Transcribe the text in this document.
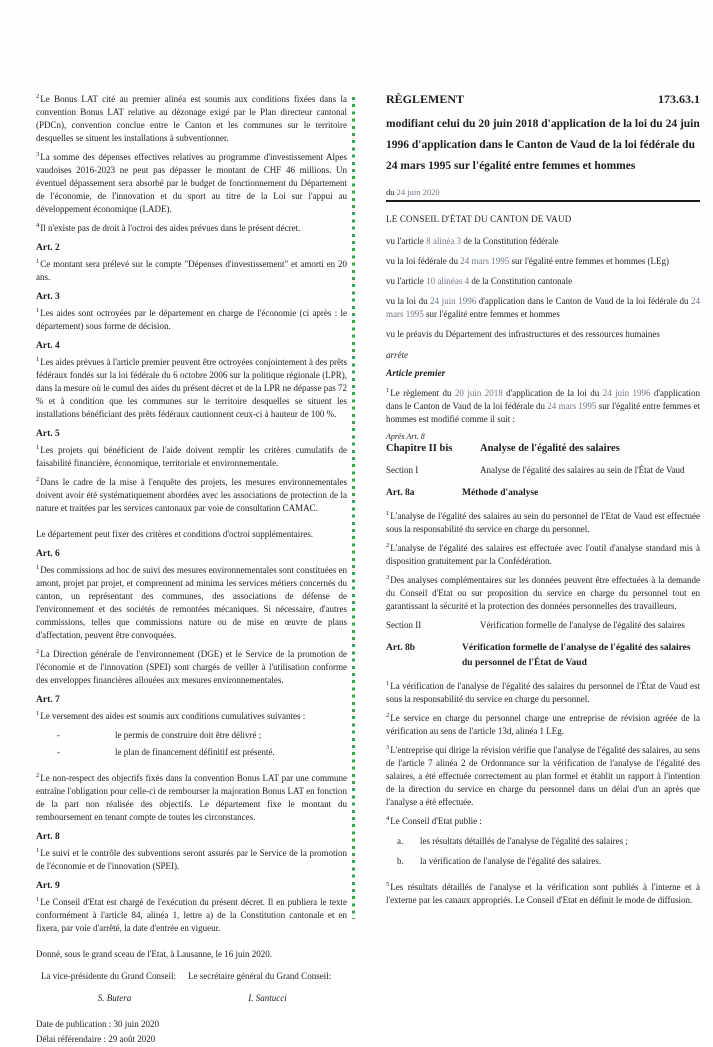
$^2$Le Bonus LAT cité au premier alinéa est soumis aux conditions fixées dans la convention Bonus LAT relative au dézonage exigé par le Plan directeur cantonal (PDCn), convention conclue entre le Canton et les communes sur le territoire desquelles se situent les installations à subventionner.

$^3$La somme des dépenses effectives relatives au programme d'investissement Alpes vaudoises 2016-2023 ne peut pas dépasser le montant de CHF 46 millions. Un éventuel dépassement sera absorbé par le budget de fonctionnement du Département de l'économie, de l'innovation et du sport au titre de la Loi sur l'appui au développement économique (LADE).

$^4$Il n'existe pas de droit à l'octroi des aides prévues dans le présent décret.

Art. 2

$^1$Ce montant sera prélevé sur le compte "Dépenses d'investissement" et amorti en 20 ans.

Art. 3

$^1$Les aides sont octroyées par le département en charge de l'économie (ci après : le département) sous forme de décision.

Art. 4

$^1$Les aides prévues à l'article premier peuvent être octroyées conjointement à des prêts fédéraux fondés sur la loi fédérale du 6 octobre 2006 sur la politique régionale (LPR), dans la mesure où le cumul des aides du présent décret et de la LPR ne dépasse pas 72 % et à condition que les communes sur le territoire desquelles se situent les installations bénéficiant des prêts fédéraux cautionnent ceux-ci à hauteur de 100 %.

Art. 5

$^1$Les projets qui bénéficient de l'aide doivent remplir les critères cumulatifs de faisabilité financière, économique, territoriale et environnementale.

$^2$Dans le cadre de la mise à l'enquête des projets, les mesures environnementales doivent avoir été systématiquement abordées avec les associations de protection de la nature et traitées par les services cantonaux par voie de consultation CAMAC.

Le département peut fixer des critères et conditions d'octroi supplémentaires.

Art. 6

$^1$Des commissions ad hoc de suivi des mesures environnementales sont constituées en amont, projet par projet, et comprennent ad minima les services métiers concernés du canton, un représentant des communes, des associations de défense de l'environnement et des sociétés de remontées mécaniques. Si nécessaire, d'autres commissions, telles que commissions nature ou de mise en œuvre de plans d'affectation, peuvent être convoquées.

$^2$La Direction générale de l'environnement (DGE) et le Service de la promotion de l'économie et de l'innovation (SPEI) sont chargés de veiller à l'utilisation conforme des enveloppes financières allouées aux mesures environnementales.

Art. 7

$^1$Le versement des aides est soumis aux conditions cumulatives suivantes :

-	le permis de construire doit être délivré ;
-	le plan de financement définitif est présenté.

$^2$Le non-respect des objectifs fixés dans la convention Bonus LAT par une commune entraîne l'obligation pour celle-ci de rembourser la majoration Bonus LAT en fonction de la part non réalisée des objectifs. Le département fixe le montant du remboursement en tenant compte de toutes les circonstances.

Art. 8

$^1$Le suivi et le contrôle des subventions seront assurés par le Service de la promotion de l'économie et de l'innovation (SPEI).

Art. 9

$^1$Le Conseil d'Etat est chargé de l'exécution du présent décret. Il en publiera le texte conformément à l'article 84, alinéa 1, lettre a) de la Constitution cantonale et en fixera, par voie d'arrêté, la date d'entrée en vigueur.

Donné, sous le grand sceau de l'Etat, à Lausanne, le 16 juin 2020.

La vice-présidente du Grand Conseil:
S. Butera
Le secrétaire général du Grand Conseil:
I. Santucci
Date de publication : 30 juin 2020
Délai référendaire : 29 août 2020
RÈGLEMENT	173.63.1
modifiant celui du 20 juin 2018 d'application de la loi du 24 juin 1996 d'application dans le Canton de Vaud de la loi fédérale du 24 mars 1995 sur l'égalité entre femmes et hommes
du 24 juin 2020
LE CONSEIL D'ÉTAT DU CANTON DE VAUD

vu l'article 8 alinéa 3 de la Constitution fédérale

vu la loi fédérale du 24 mars 1995 sur l'égalité entre femmes et hommes (LEg)

vu l'article 10 alinéas 4 de la Constitution cantonale

vu la loi du 24 juin 1996 d'application dans le Canton de Vaud de la loi fédérale du 24 mars 1995 sur l'égalité entre femmes et hommes

vu le préavis du Département des infrastructures et des ressources humaines

arrête
Article premier

$^1$Le règlement du 20 juin 2018 d'application de la loi du 24 juin 1996 d'application dans le Canton de Vaud de la loi fédérale du 24 mars 1995 sur l'égalité entre femmes et hommes est modifié comme il suit :

Après Art. 8
Chapitre II bis	Analyse de l'égalité des salaires
Section I	Analyse de l'égalité des salaires au sein de l'État de Vaud
Art. 8a	Méthode d'analyse

$^1$L'analyse de l'égalité des salaires au sein du personnel de l'Etat de Vaud est effectuée sous la responsabilité du service en charge du personnel.

$^2$L'analyse de l'égalité des salaires est effectuée avec l'outil d'analyse standard mis à disposition gratuitement par la Confédération.

$^3$Des analyses complémentaires sur les données peuvent être effectuées à la demande du Conseil d'Etat ou sur proposition du service en charge du personnel tout en garantissant la sécurité et la protection des données personnelles des travailleurs.

Section II	Vérification formelle de l'analyse de l'égalité des salaires
Art. 8b	Vérification formelle de l'analyse de l'égalité des salaires du personnel de l'État de Vaud

$^1$La vérification de l'analyse de l'égalité des salaires du personnel de l'État de Vaud est sous la responsabilité du service en charge du personnel.

$^2$Le service en charge du personnel charge une entreprise de révision agréée de la vérification au sens de l'article 13d, alinéa 1 LEg.

$^3$L'entreprise qui dirige la révision vérifie que l'analyse de l'égalité des salaires, au sens de l'article 7 alinéa 2 de Ordonnance sur la vérification de l'analyse de l'égalité des salaires, a été effectuée correctement au plan formel et établit un rapport à l'intention de la direction du service en charge du personnel dans un délai d'un an après que l'analyse a été effectuée.

$^4$Le Conseil d'Etat publie :

a.	les résultats détaillés de l'analyse de l'égalité des salaires ;
b.	la vérification de l'analyse de l'égalité des salaires.

$^5$Les résultats détaillés de l'analyse et la vérification sont publiés à l'interne et à l'externe par les canaux appropriés. Le Conseil d'Etat en définit le mode de diffusion.
